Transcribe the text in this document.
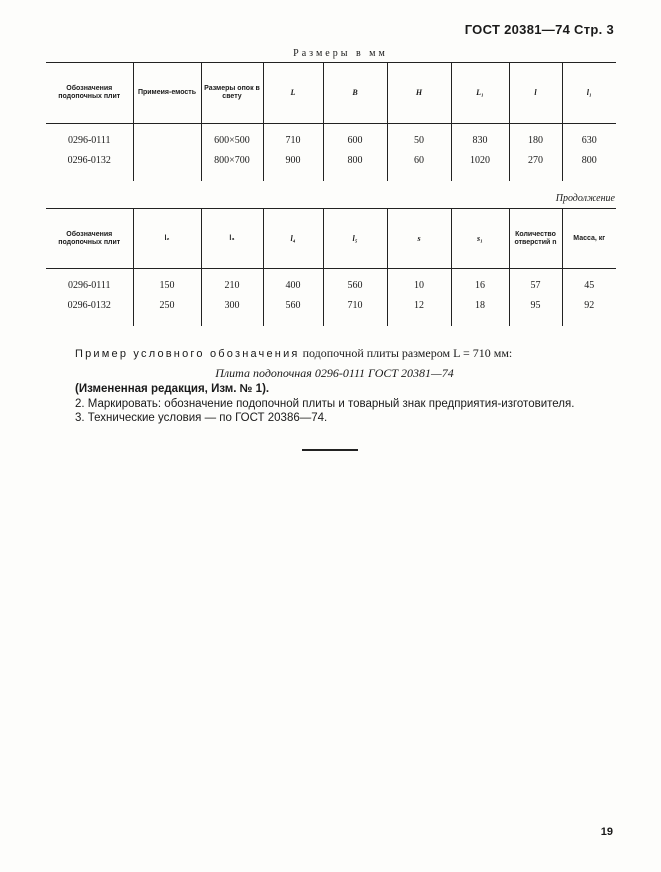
ГОСТ 20381—74 Стр. 3
Размеры в мм
Обозначения подопочных плит	Примеия-емость	Размеры опок в свету	L	B	H	L₁	l	l₁
0296-0111		600×500	710	600	50	830	180	630
0296-0132		800×700	900	800	60	1020	270	800
Продолжение
Обозначения подопочных плит	l₂	l₃	l₄	l₅	s	s₁	Количество отверстий n	Масса, кг
0296-0111	150	210	400	560	10	16	57	45
0296-0132	250	300	560	710	12	18	95	92
Пример условного обозначения подопочной плиты размером L = 710 мм:
Плита подопочная 0296-0111 ГОСТ 20381—74
(Измененная редакция, Изм. № 1).
2. Маркировать: обозначение подопочной плиты и товарный знак предприятия-изготовителя.
3. Технические условия — по ГОСТ 20386—74.
19
